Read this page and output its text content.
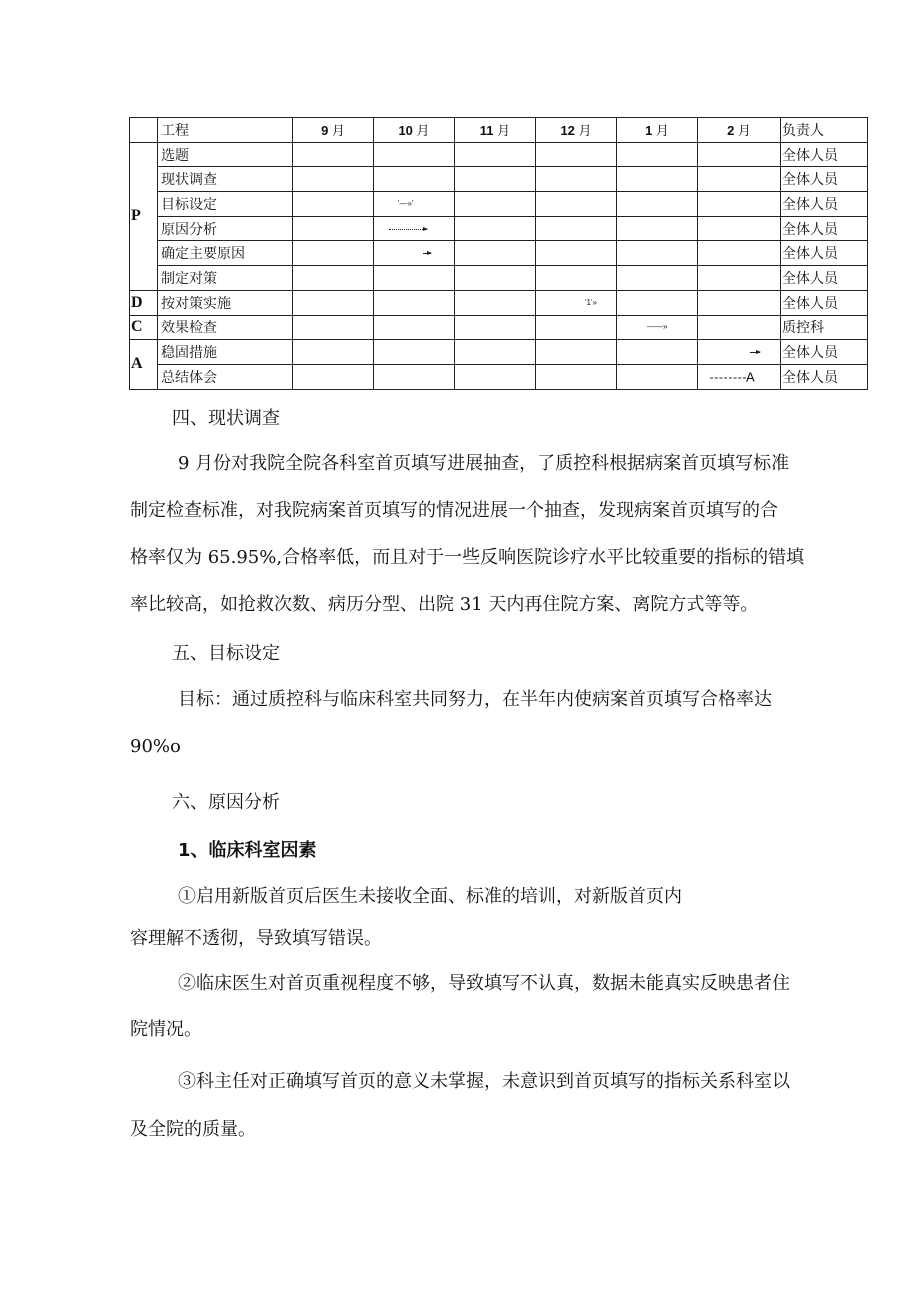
	工程	9 月	10 月	11 月	12 月	1 月	2 月	负责人
P	选题							全体人员
	现状调查							全体人员
	目标设定		'—»'					全体人员
	原因分析							全体人员
	确定主要原因							全体人员
	制定对策							全体人员
D	按对策实施				'1'»			全体人员
C	效果检查					——»		质控科
A	稳固措施							全体人员
	总结体会						A	全体人员
四、现状调查
9 月份对我院全院各科室首页填写进展抽查，了质控科根据病案首页填写标准
制定检查标准，对我院病案首页填写的情况进展一个抽查，发现病案首页填写的合
格率仅为 65.95%,合格率低，而且对于一些反响医院诊疗水平比较重要的指标的错填
率比较高，如抢救次数、病历分型、出院 31 天内再住院方案、离院方式等等。
五、目标设定
目标：通过质控科与临床科室共同努力，在半年内使病案首页填写合格率达
90%o
六、原因分析
1、临床科室因素
①启用新版首页后医生未接收全面、标准的培训，对新版首页内
容理解不透彻，导致填写错误。
②临床医生对首页重视程度不够，导致填写不认真，数据未能真实反映患者住
院情况。
③科主任对正确填写首页的意义未掌握，未意识到首页填写的指标关系科室以
及全院的质量。
